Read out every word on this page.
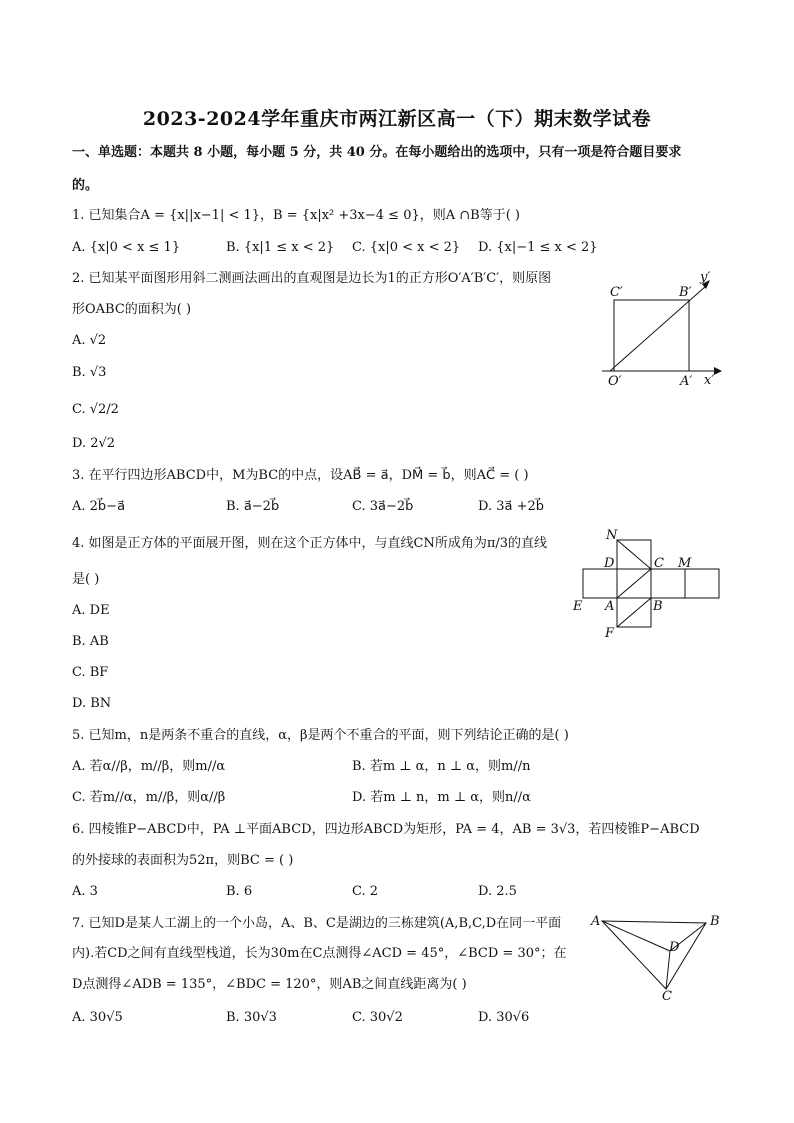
2023-2024学年重庆市两江新区高一（下）期末数学试卷
一、单选题：本题共 8 小题，每小题 5 分，共 40 分。在每小题给出的选项中，只有一项是符合题目要求
的。
1. 已知集合A = {x||x−1| < 1}，B = {x|x² +3x−4 ≤ 0}，则A ∩B等于( )
A. {x|0 < x ≤ 1}	B. {x|1 ≤ x < 2} C. {x|0 < x < 2} D. {x|−1 ≤ x < 2}
2. 已知某平面图形用斜二测画法画出的直观图是边长为1的正方形O′A′B′C′，则原图
形OABC的面积为( )
A. √2
B. √3
C. √2/2
D. 2√2
C′	B′
O′	A′ x′
y′
3. 在平行四边形ABCD中，M为BC的中点，设AB⃗ = a⃗，DM⃗ = b⃗，则AC⃗ = ( )
A. 2b⃗−a⃗	B. a⃗−2b⃗	C. 3a⃗−2b⃗	D. 3a⃗ +2b⃗
4. 如图是正方体的平面展开图，则在这个正方体中，与直线CN所成角为π/3的直线
是( )
A. DE
B. AB
C. BF
D. BN
N
D	C M
E A	B
F
5. 已知m，n是两条不重合的直线，α，β是两个不重合的平面，则下列结论正确的是( )
A. 若α//β，m//β，则m//α	B. 若m ⊥ α，n ⊥ α，则m//n
C. 若m//α，m//β，则α//β	D. 若m ⊥ n，m ⊥ α，则n//α
6. 四棱锥P−ABCD中，PA ⊥平面ABCD，四边形ABCD为矩形，PA = 4，AB = 3√3，若四棱锥P−ABCD
的外接球的表面积为52π，则BC = ( )
A. 3	B. 6	C. 2	D. 2.5
7. 已知D是某人工湖上的一个小岛，A、B、C是湖边的三栋建筑(A,B,C,D在同一平面
内).若CD之间有直线型栈道，长为30m在C点测得∠ACD = 45°，∠BCD = 30°；在
D点测得∠ADB = 135°，∠BDC = 120°，则AB之间直线距离为( )
A. 30√5	B. 30√3	C. 30√2	D. 30√6
A	B
D
C
